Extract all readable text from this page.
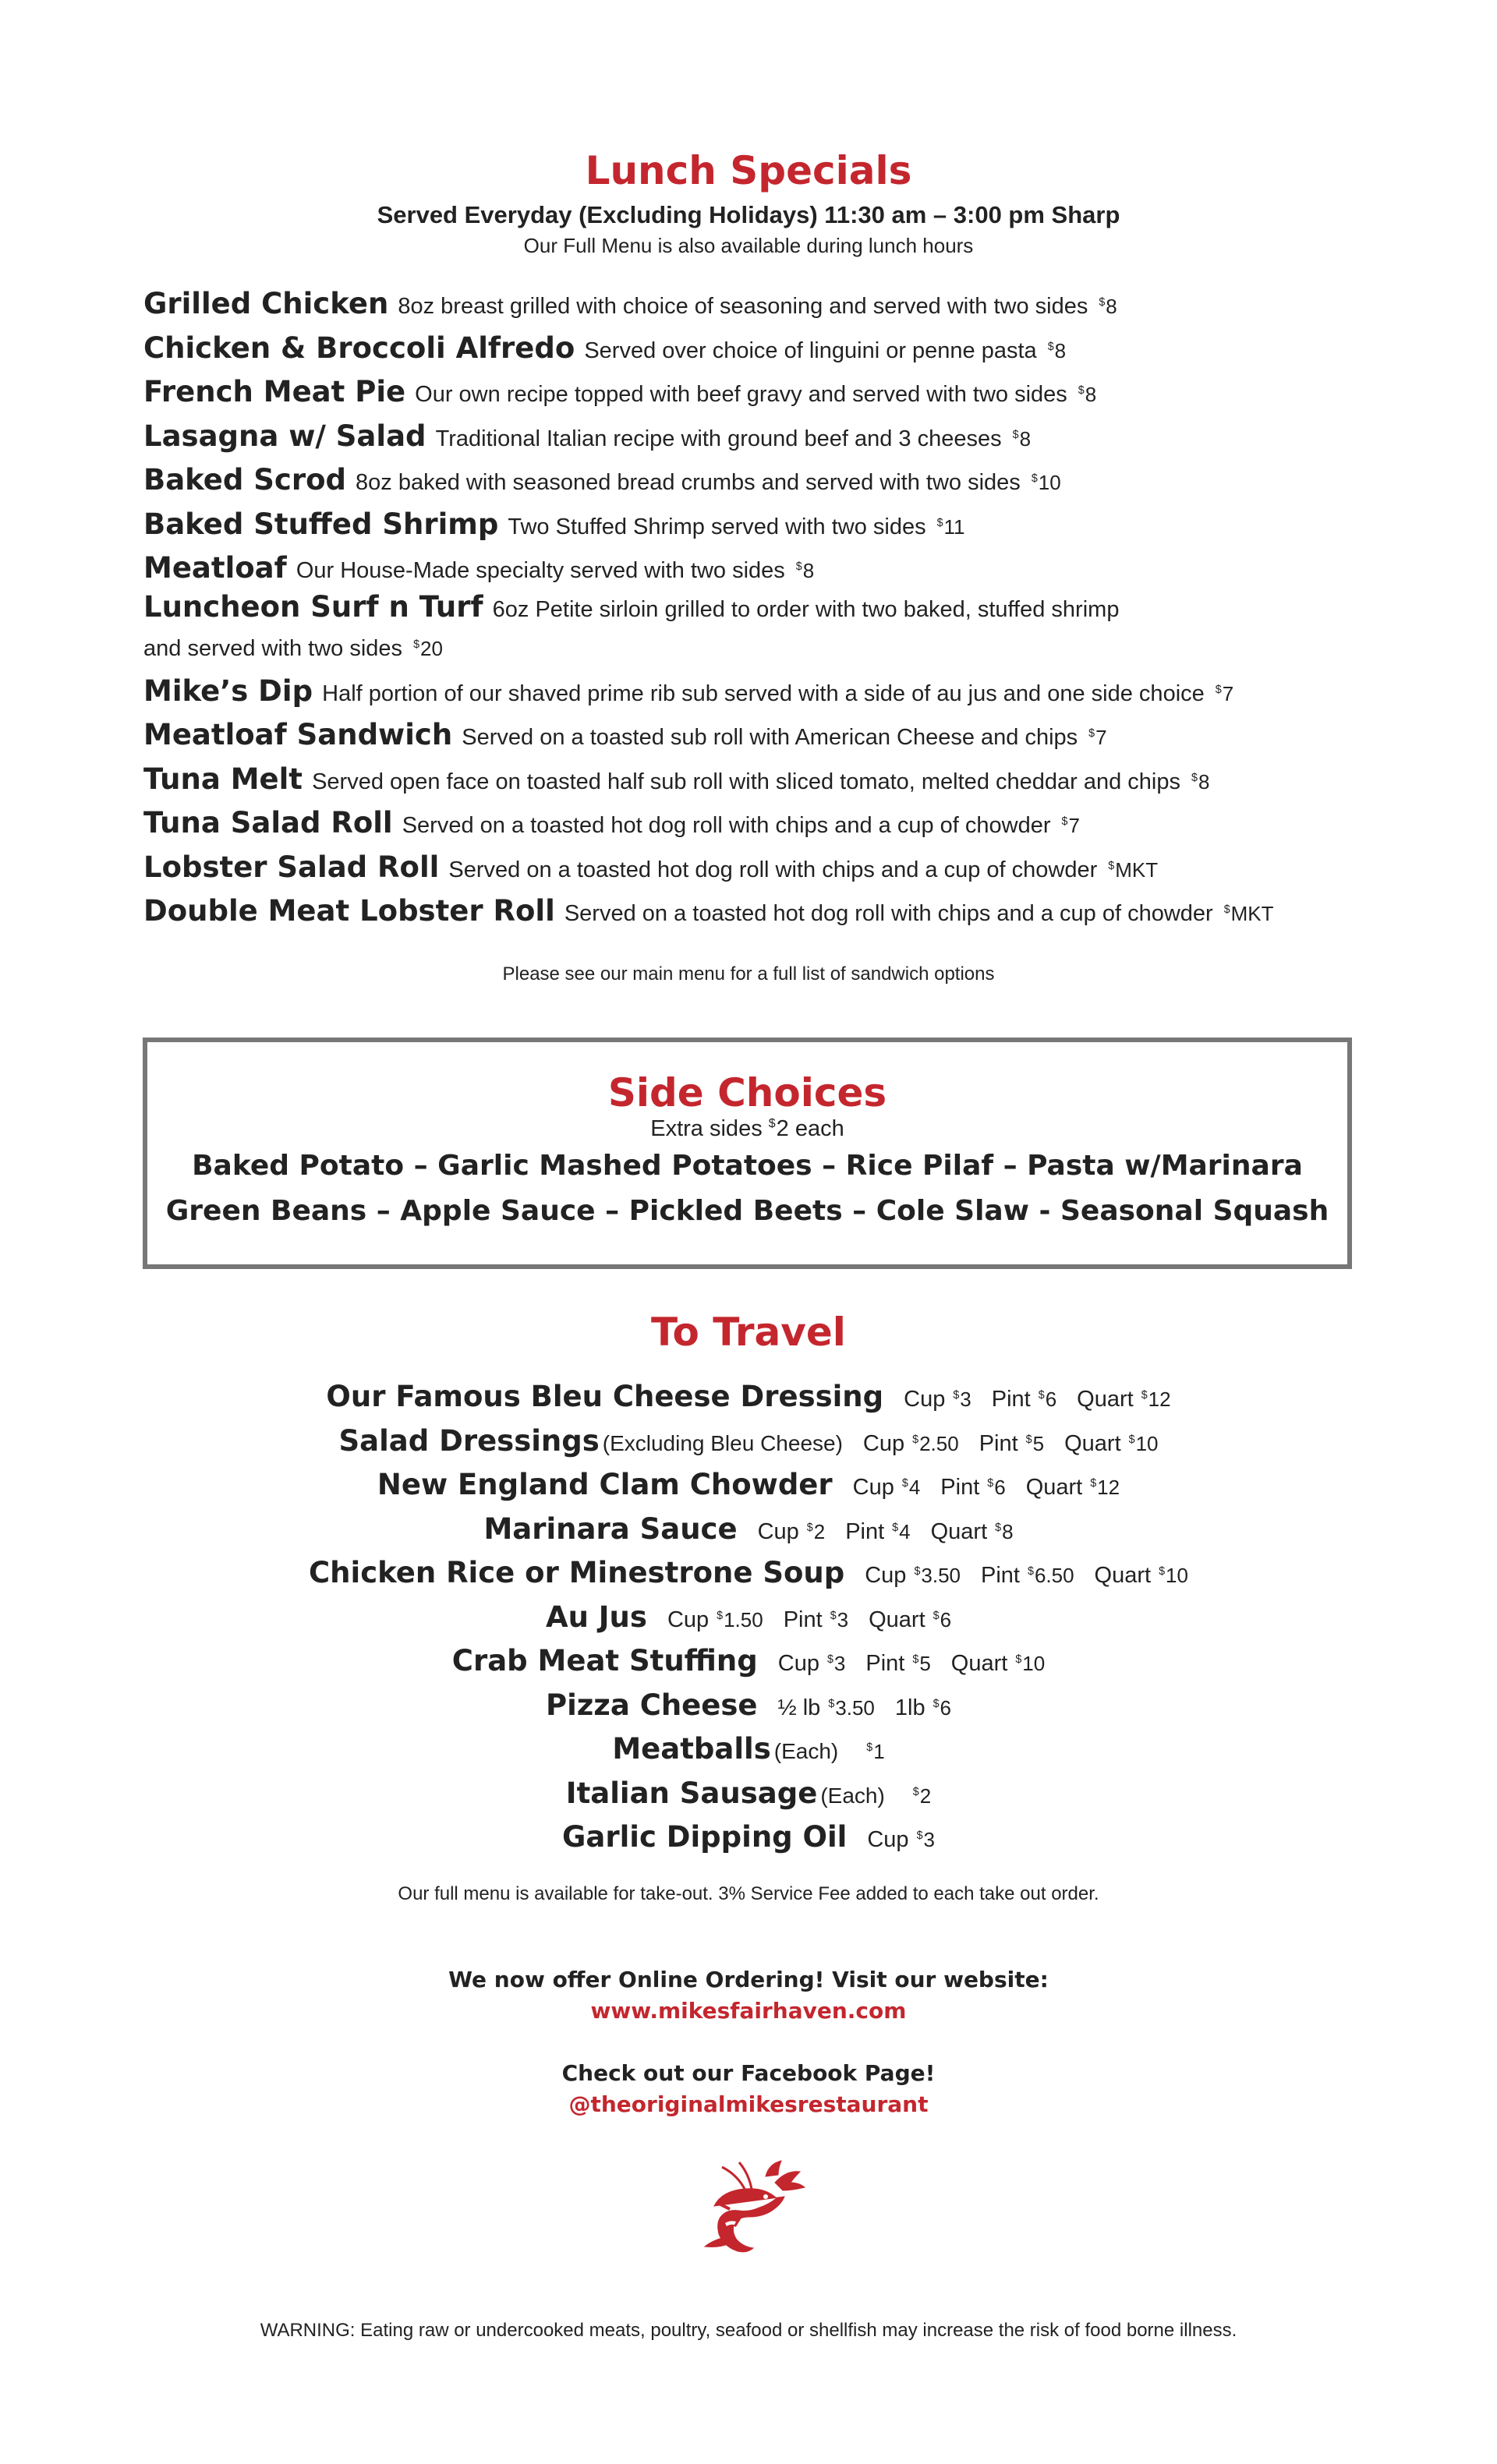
Lunch Specials
Served Everyday (Excluding Holidays) 11:30 am – 3:00 pm Sharp
Our Full Menu is also available during lunch hours
Grilled Chicken 8oz breast grilled with choice of seasoning and served with two sides $8
Chicken & Broccoli Alfredo Served over choice of linguini or penne pasta $8
French Meat Pie Our own recipe topped with beef gravy and served with two sides $8
Lasagna w/ Salad Traditional Italian recipe with ground beef and 3 cheeses $8
Baked Scrod 8oz baked with seasoned bread crumbs and served with two sides $10
Baked Stuffed Shrimp Two Stuffed Shrimp served with two sides $11
Meatloaf Our House-Made specialty served with two sides $8
Luncheon Surf n Turf 6oz Petite sirloin grilled to order with two baked, stuffed shrimp
and served with two sides $20
Mike’s Dip Half portion of our shaved prime rib sub served with a side of au jus and one side choice $7
Meatloaf Sandwich Served on a toasted sub roll with American Cheese and chips $7
Tuna Melt Served open face on toasted half sub roll with sliced tomato, melted cheddar and chips $8
Tuna Salad Roll Served on a toasted hot dog roll with chips and a cup of chowder $7
Lobster Salad Roll Served on a toasted hot dog roll with chips and a cup of chowder $MKT
Double Meat Lobster Roll Served on a toasted hot dog roll with chips and a cup of chowder $MKT
Please see our main menu for a full list of sandwich options
Side Choices
Extra sides $2 each
Baked Potato – Garlic Mashed Potatoes – Rice Pilaf – Pasta w/Marinara
Green Beans – Apple Sauce – Pickled Beets – Cole Slaw - Seasonal Squash
To Travel
Our Famous Bleu Cheese Dressing Cup $3 Pint $6 Quart $12
Salad Dressings (Excluding Bleu Cheese) Cup $2.50 Pint $5 Quart $10
New England Clam Chowder Cup $4 Pint $6 Quart $12
Marinara Sauce Cup $2 Pint $4 Quart $8
Chicken Rice or Minestrone Soup Cup $3.50 Pint $6.50 Quart $10
Au Jus Cup $1.50 Pint $3 Quart $6
Crab Meat Stuffing Cup $3 Pint $5 Quart $10
Pizza Cheese ½ lb $3.50 1lb $6
Meatballs (Each)	$1
Italian Sausage (Each)	$2
Garlic Dipping Oil Cup $3
Our full menu is available for take-out. 3% Service Fee added to each take out order.
We now offer Online Ordering! Visit our website:
www.mikesfairhaven.com
Check out our Facebook Page!
@theoriginalmikesrestaurant
WARNING: Eating raw or undercooked meats, poultry, seafood or shellfish may increase the risk of food borne illness.
